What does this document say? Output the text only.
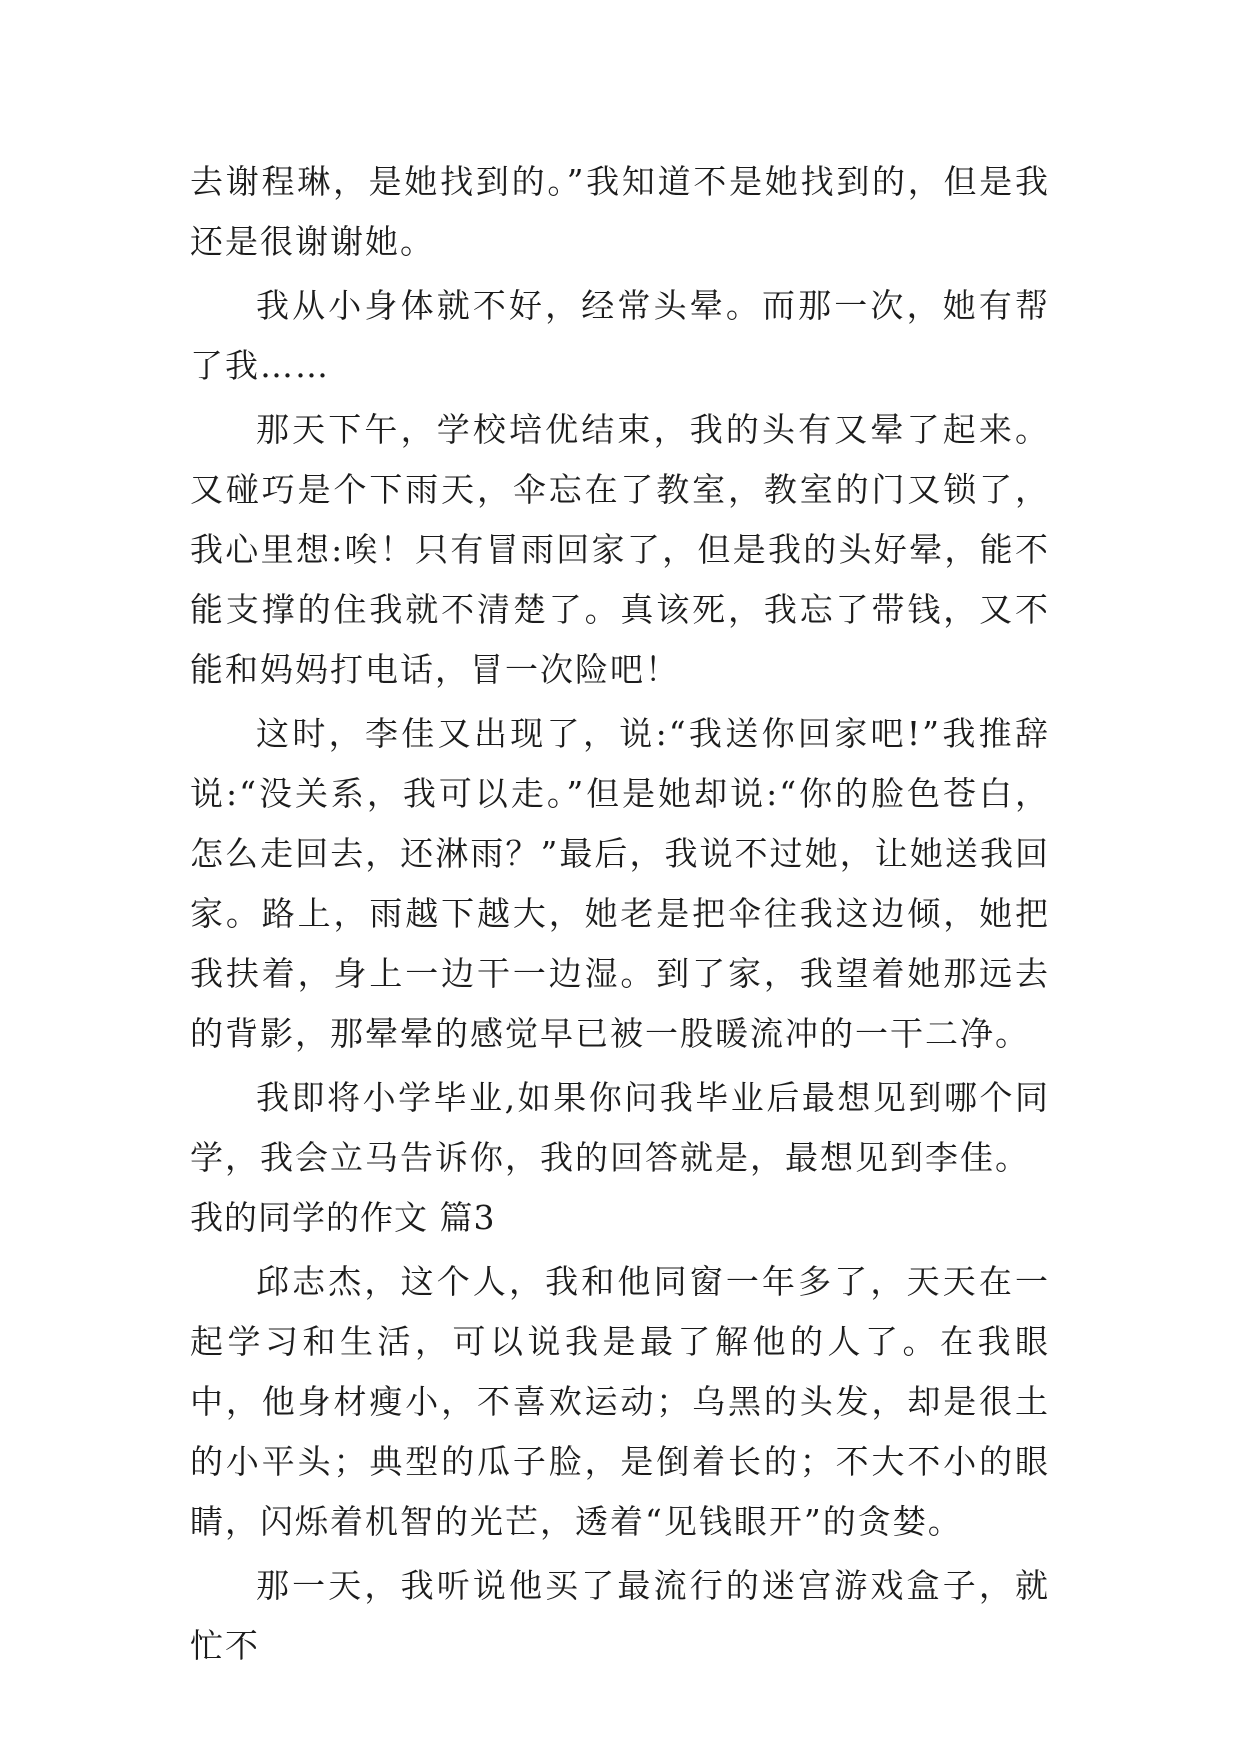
去谢程琳，是她找到的。”我知道不是她找到的，但是我还是很谢谢她。

我从小身体就不好，经常头晕。而那一次，她有帮了我……

那天下午，学校培优结束，我的头有又晕了起来。又碰巧是个下雨天，伞忘在了教室，教室的门又锁了，我心里想:唉！只有冒雨回家了，但是我的头好晕，能不能支撑的住我就不清楚了。真该死，我忘了带钱，又不能和妈妈打电话，冒一次险吧！

这时，李佳又出现了，说:“我送你回家吧!”我推辞说:“没关系，我可以走。”但是她却说:“你的脸色苍白，怎么走回去，还淋雨？”最后，我说不过她，让她送我回家。路上，雨越下越大，她老是把伞往我这边倾，她把我扶着，身上一边干一边湿。到了家，我望着她那远去的背影，那晕晕的感觉早已被一股暖流冲的一干二净。

我即将小学毕业,如果你问我毕业后最想见到哪个同学，我会立马告诉你，我的回答就是，最想见到李佳。

我的同学的作文 篇3

邱志杰，这个人，我和他同窗一年多了，天天在一起学习和生活，可以说我是最了解他的人了。在我眼中，他身材瘦小，不喜欢运动；乌黑的头发，却是很土的小平头；典型的瓜子脸，是倒着长的；不大不小的眼睛，闪烁着机智的光芒，透着“见钱眼开”的贪婪。

那一天，我听说他买了最流行的迷宫游戏盒子，就忙不
